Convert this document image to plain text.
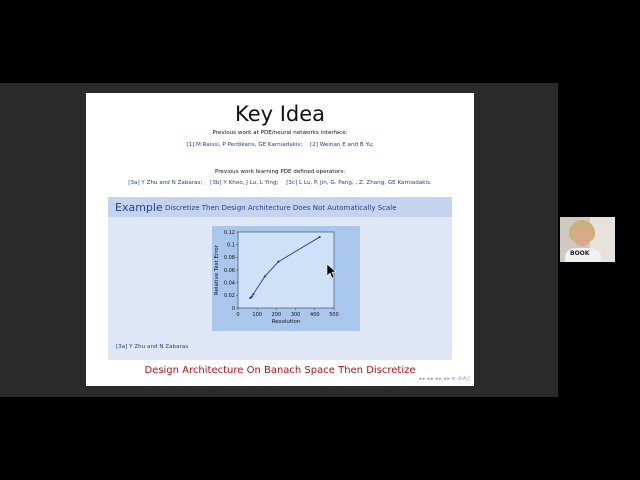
Key Idea
Previous work at PDE/neural networks interface:
[1] M Raissi, P Perdikaris, GE Karniadakis; [2] Weinan E and B Yu;
Previous work learning PDE defined operators:
[3a] Y Zhu and N Zabaras; [3b] Y Khoo, J Lu, L Ying; [3c] L Lu, P. Jin, G. Pang, , Z. Zhang, GE Karniadakis.
Example Discretize Then Design Architecture Does Not Automatically Scale
0
0.02
0.04
0.06
0.08
0.1
0.12
0	100 200 300 400 500
Resolution
Relative Test Error
[3a] Y Zhu and N Zabaras
Design Architecture On Banach Space Then Discretize
◂ ▸ ◂ ▸ ◂ ▸ ◂ ▸ ≡ ↺↺○
BOOK
